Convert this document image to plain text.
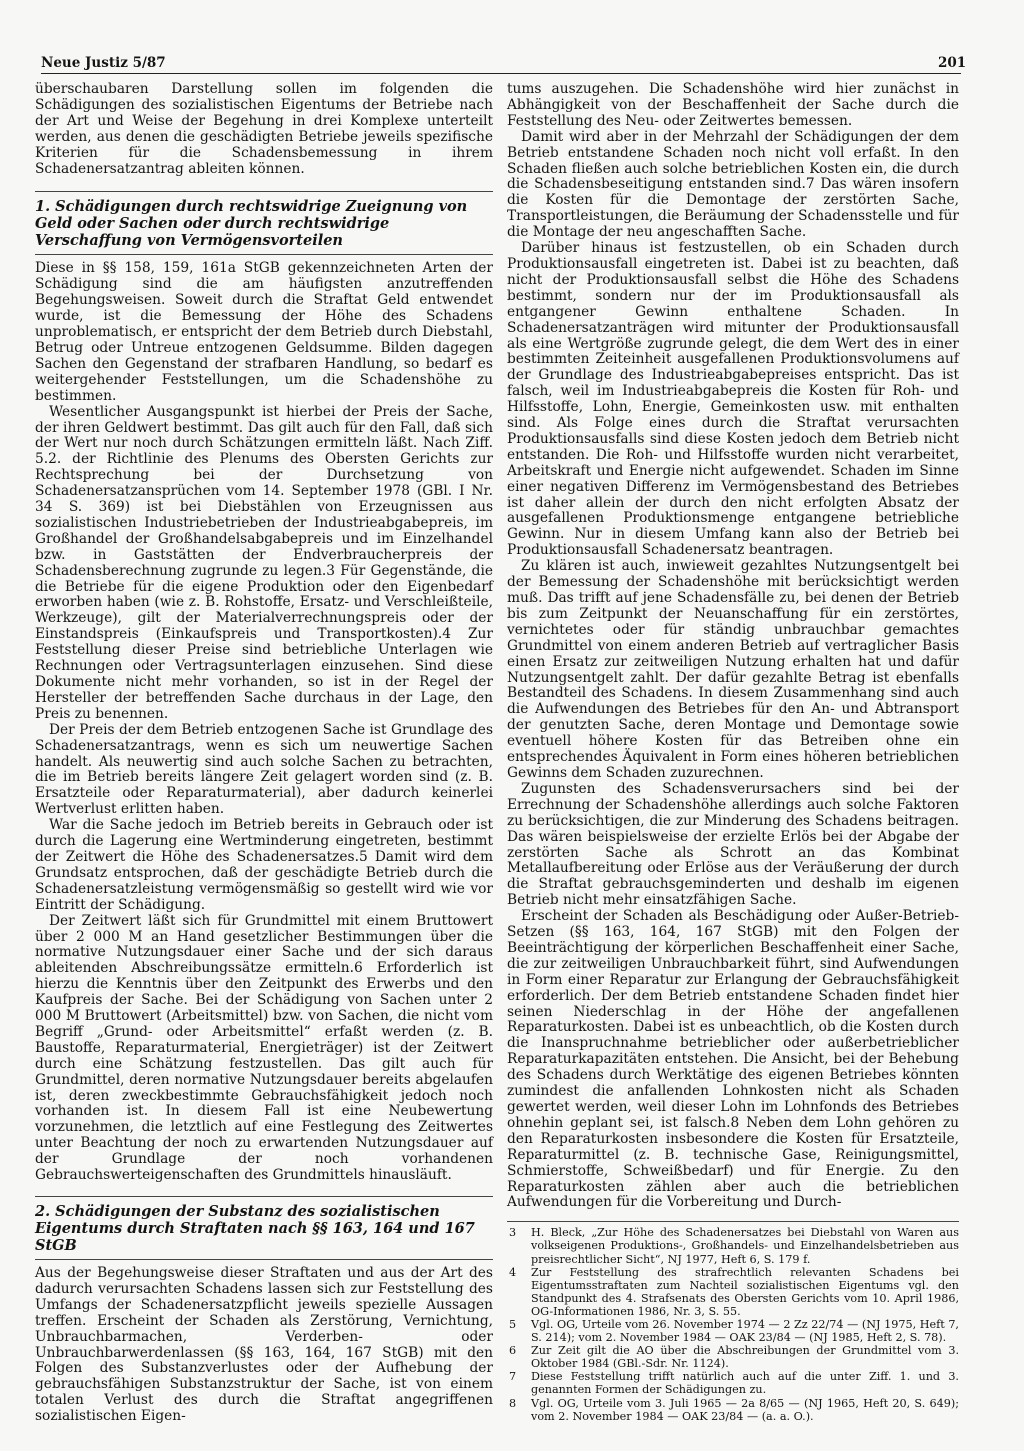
Neue Justiz 5/87	201

überschaubaren Darstellung sollen im folgenden die Schädigungen des sozialistischen Eigentums der Betriebe nach der Art und Weise der Begehung in drei Komplexe unterteilt werden, aus denen die geschädigten Betriebe jeweils spezifische Kriterien für die Schadensbemessung in ihrem Schadenersatzantrag ableiten können.

1. Schädigungen durch rechtswidrige Zueignung von Geld oder Sachen oder durch rechtswidrige Verschaffung von Vermögensvorteilen

Diese in §§ 158, 159, 161a StGB gekennzeichneten Arten der Schädigung sind die am häufigsten anzutreffenden Begehungsweisen. Soweit durch die Straftat Geld entwendet wurde, ist die Bemessung der Höhe des Schadens unproblematisch, er entspricht der dem Betrieb durch Diebstahl, Betrug oder Untreue entzogenen Geldsumme. Bilden dagegen Sachen den Gegenstand der strafbaren Handlung, so bedarf es weitergehender Feststellungen, um die Schadenshöhe zu bestimmen.

Wesentlicher Ausgangspunkt ist hierbei der Preis der Sache, der ihren Geldwert bestimmt. Das gilt auch für den Fall, daß sich der Wert nur noch durch Schätzungen ermitteln läßt. Nach Ziff. 5.2. der Richtlinie des Plenums des Obersten Gerichts zur Rechtsprechung bei der Durchsetzung von Schadenersatzansprüchen vom 14. September 1978 (GBl. I Nr. 34 S. 369) ist bei Diebstählen von Erzeugnissen aus sozialistischen Industriebetrieben der Industrieabgabepreis, im Großhandel der Großhandelsabgabepreis und im Einzelhandel bzw. in Gaststätten der Endverbraucherpreis der Schadensberechnung zugrunde zu legen.3 Für Gegenstände, die die Betriebe für die eigene Produktion oder den Eigenbedarf erworben haben (wie z. B. Rohstoffe, Ersatz- und Verschleißteile, Werkzeuge), gilt der Materialverrechnungspreis oder der Einstandspreis (Einkaufspreis und Transportkosten).4 Zur Feststellung dieser Preise sind betriebliche Unterlagen wie Rechnungen oder Vertragsunterlagen einzusehen. Sind diese Dokumente nicht mehr vorhanden, so ist in der Regel der Hersteller der betreffenden Sache durchaus in der Lage, den Preis zu benennen.

Der Preis der dem Betrieb entzogenen Sache ist Grundlage des Schadenersatzantrags, wenn es sich um neuwertige Sachen handelt. Als neuwertig sind auch solche Sachen zu betrachten, die im Betrieb bereits längere Zeit gelagert worden sind (z. B. Ersatzteile oder Reparaturmaterial), aber dadurch keinerlei Wertverlust erlitten haben.

War die Sache jedoch im Betrieb bereits in Gebrauch oder ist durch die Lagerung eine Wertminderung eingetreten, bestimmt der Zeitwert die Höhe des Schadenersatzes.5 Damit wird dem Grundsatz entsprochen, daß der geschädigte Betrieb durch die Schadenersatzleistung vermögensmäßig so gestellt wird wie vor Eintritt der Schädigung.

Der Zeitwert läßt sich für Grundmittel mit einem Bruttowert über 2 000 M an Hand gesetzlicher Bestimmungen über die normative Nutzungsdauer einer Sache und der sich daraus ableitenden Abschreibungssätze ermitteln.6 Erforderlich ist hierzu die Kenntnis über den Zeitpunkt des Erwerbs und den Kaufpreis der Sache. Bei der Schädigung von Sachen unter 2 000 M Bruttowert (Arbeitsmittel) bzw. von Sachen, die nicht vom Begriff „Grund- oder Arbeitsmittel“ erfaßt werden (z. B. Baustoffe, Reparaturmaterial, Energieträger) ist der Zeitwert durch eine Schätzung festzustellen. Das gilt auch für Grundmittel, deren normative Nutzungsdauer bereits abgelaufen ist, deren zweckbestimmte Gebrauchsfähigkeit jedoch noch vorhanden ist. In diesem Fall ist eine Neubewertung vorzunehmen, die letztlich auf eine Festlegung des Zeitwertes unter Beachtung der noch zu erwartenden Nutzungsdauer auf der Grundlage der noch vorhandenen Gebrauchswerteigenschaften des Grundmittels hinausläuft.

2. Schädigungen der Substanz des sozialistischen Eigentums durch Straftaten nach §§ 163, 164 und 167 StGB

Aus der Begehungsweise dieser Straftaten und aus der Art des dadurch verursachten Schadens lassen sich zur Feststellung des Umfangs der Schadenersatzpflicht jeweils spezielle Aussagen treffen. Erscheint der Schaden als Zerstörung, Vernichtung, Unbrauchbarmachen, Verderben- oder Unbrauchbarwerdenlassen (§§ 163, 164, 167 StGB) mit den Folgen des Substanzverlustes oder der Aufhebung der gebrauchsfähigen Substanzstruktur der Sache, ist von einem totalen Verlust des durch die Straftat angegriffenen sozialistischen Eigen-

tums auszugehen. Die Schadenshöhe wird hier zunächst in Abhängigkeit von der Beschaffenheit der Sache durch die Feststellung des Neu- oder Zeitwertes bemessen.

Damit wird aber in der Mehrzahl der Schädigungen der dem Betrieb entstandene Schaden noch nicht voll erfaßt. In den Schaden fließen auch solche betrieblichen Kosten ein, die durch die Schadensbeseitigung entstanden sind.7 Das wären insofern die Kosten für die Demontage der zerstörten Sache, Transportleistungen, die Beräumung der Schadensstelle und für die Montage der neu angeschafften Sache.

Darüber hinaus ist festzustellen, ob ein Schaden durch Produktionsausfall eingetreten ist. Dabei ist zu beachten, daß nicht der Produktionsausfall selbst die Höhe des Schadens bestimmt, sondern nur der im Produktionsausfall als entgangener Gewinn enthaltene Schaden. In Schadenersatzanträgen wird mitunter der Produktionsausfall als eine Wertgröße zugrunde gelegt, die dem Wert des in einer bestimmten Zeiteinheit ausgefallenen Produktionsvolumens auf der Grundlage des Industrieabgabepreises entspricht. Das ist falsch, weil im Industrieabgabepreis die Kosten für Roh- und Hilfsstoffe, Lohn, Energie, Gemeinkosten usw. mit enthalten sind. Als Folge eines durch die Straftat verursachten Produktionsausfalls sind diese Kosten jedoch dem Betrieb nicht entstanden. Die Roh- und Hilfsstoffe wurden nicht verarbeitet, Arbeitskraft und Energie nicht aufgewendet. Schaden im Sinne einer negativen Differenz im Vermögensbestand des Betriebes ist daher allein der durch den nicht erfolgten Absatz der ausgefallenen Produktionsmenge entgangene betriebliche Gewinn. Nur in diesem Umfang kann also der Betrieb bei Produktionsausfall Schadenersatz beantragen.

Zu klären ist auch, inwieweit gezahltes Nutzungsentgelt bei der Bemessung der Schadenshöhe mit berücksichtigt werden muß. Das trifft auf jene Schadensfälle zu, bei denen der Betrieb bis zum Zeitpunkt der Neuanschaffung für ein zerstörtes, vernichtetes oder für ständig unbrauchbar gemachtes Grundmittel von einem anderen Betrieb auf vertraglicher Basis einen Ersatz zur zeitweiligen Nutzung erhalten hat und dafür Nutzungsentgelt zahlt. Der dafür gezahlte Betrag ist ebenfalls Bestandteil des Schadens. In diesem Zusammenhang sind auch die Aufwendungen des Betriebes für den An- und Abtransport der genutzten Sache, deren Montage und Demontage sowie eventuell höhere Kosten für das Betreiben ohne ein entsprechendes Äquivalent in Form eines höheren betrieblichen Gewinns dem Schaden zuzurechnen.

Zugunsten des Schadensverursachers sind bei der Errechnung der Schadenshöhe allerdings auch solche Faktoren zu berücksichtigen, die zur Minderung des Schadens beitragen. Das wären beispielsweise der erzielte Erlös bei der Abgabe der zerstörten Sache als Schrott an das Kombinat Metallaufbereitung oder Erlöse aus der Veräußerung der durch die Straftat gebrauchsgeminderten und deshalb im eigenen Betrieb nicht mehr einsatzfähigen Sache.

Erscheint der Schaden als Beschädigung oder Außer-Betrieb-Setzen (§§ 163, 164, 167 StGB) mit den Folgen der Beeinträchtigung der körperlichen Beschaffenheit einer Sache, die zur zeitweiligen Unbrauchbarkeit führt, sind Aufwendungen in Form einer Reparatur zur Erlangung der Gebrauchsfähigkeit erforderlich. Der dem Betrieb entstandene Schaden findet hier seinen Niederschlag in der Höhe der angefallenen Reparaturkosten. Dabei ist es unbeachtlich, ob die Kosten durch die Inanspruchnahme betrieblicher oder außerbetrieblicher Reparaturkapazitäten entstehen. Die Ansicht, bei der Behebung des Schadens durch Werktätige des eigenen Betriebes könnten zumindest die anfallenden Lohnkosten nicht als Schaden gewertet werden, weil dieser Lohn im Lohnfonds des Betriebes ohnehin geplant sei, ist falsch.8 Neben dem Lohn gehören zu den Reparaturkosten insbesondere die Kosten für Ersatzteile, Reparaturmittel (z. B. technische Gase, Reinigungsmittel, Schmierstoffe, Schweißbedarf) und für Energie. Zu den Reparaturkosten zählen aber auch die betrieblichen Aufwendungen für die Vorbereitung und Durch-

3 H. Bleck, „Zur Höhe des Schadenersatzes bei Diebstahl von Waren aus volkseigenen Produktions-, Großhandels- und Einzelhandelsbetrieben aus preisrechtlicher Sicht“, NJ 1977, Heft 6, S. 179 f.
4 Zur Feststellung des strafrechtlich relevanten Schadens bei Eigentumsstraftaten zum Nachteil sozialistischen Eigentums vgl. den Standpunkt des 4. Strafsenats des Obersten Gerichts vom 10. April 1986, OG-Informationen 1986, Nr. 3, S. 55.
5 Vgl. OG, Urteile vom 26. November 1974 — 2 Zz 22/74 — (NJ 1975, Heft 7, S. 214); vom 2. November 1984 — OAK 23/84 — (NJ 1985, Heft 2, S. 78).
6 Zur Zeit gilt die AO über die Abschreibungen der Grundmittel vom 3. Oktober 1984 (GBl.-Sdr. Nr. 1124).
7 Diese Feststellung trifft natürlich auch auf die unter Ziff. 1. und 3. genannten Formen der Schädigungen zu.
8 Vgl. OG, Urteile vom 3. Juli 1965 — 2a 8/65 — (NJ 1965, Heft 20, S. 649); vom 2. November 1984 — OAK 23/84 — (a. a. O.).
